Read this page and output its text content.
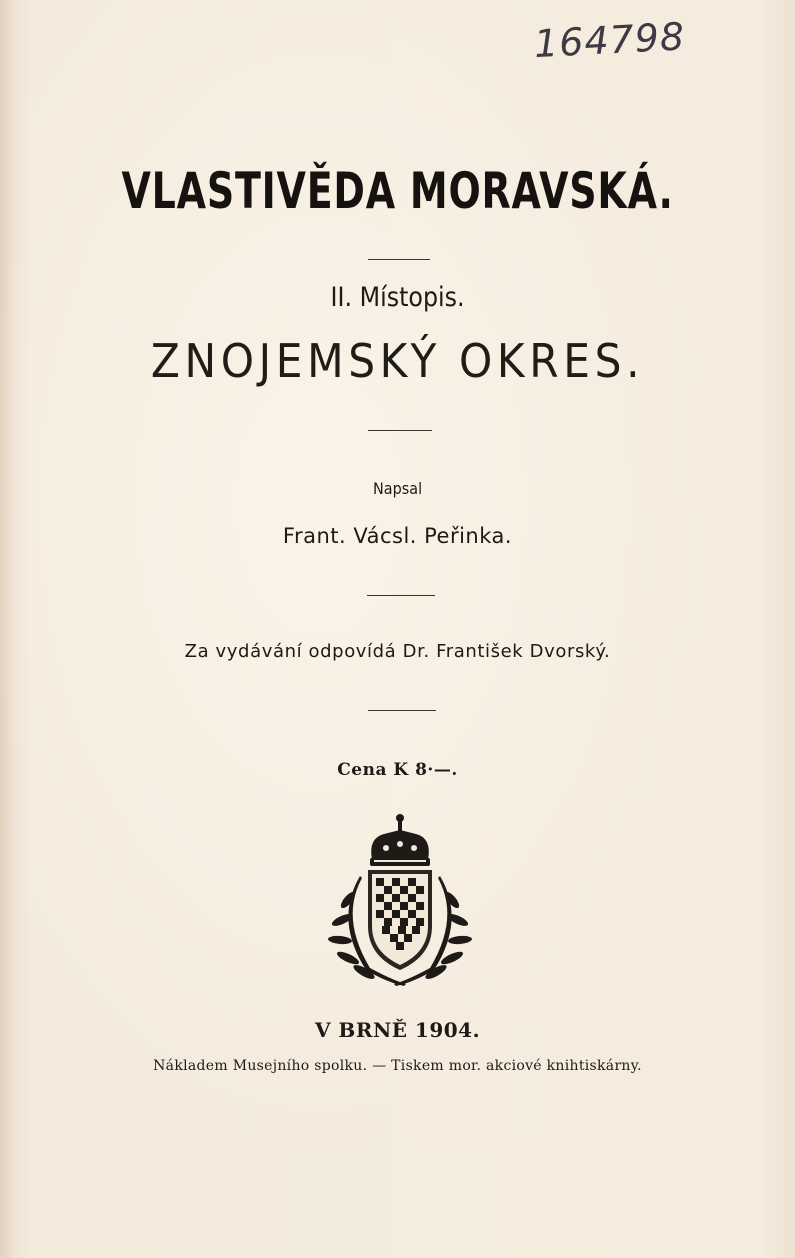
164798
VLASTIVĚDA MORAVSKÁ.
II. Místopis.
ZNOJEMSKÝ OKRES.
Napsal
Frant. Vácsl. Peřinka.
Za vydávání odpovídá Dr. František Dvorský.
Cena K 8·—.
V BRNĚ 1904.
Nákladem Musejního spolku. — Tiskem mor. akciové knihtiskárny.
